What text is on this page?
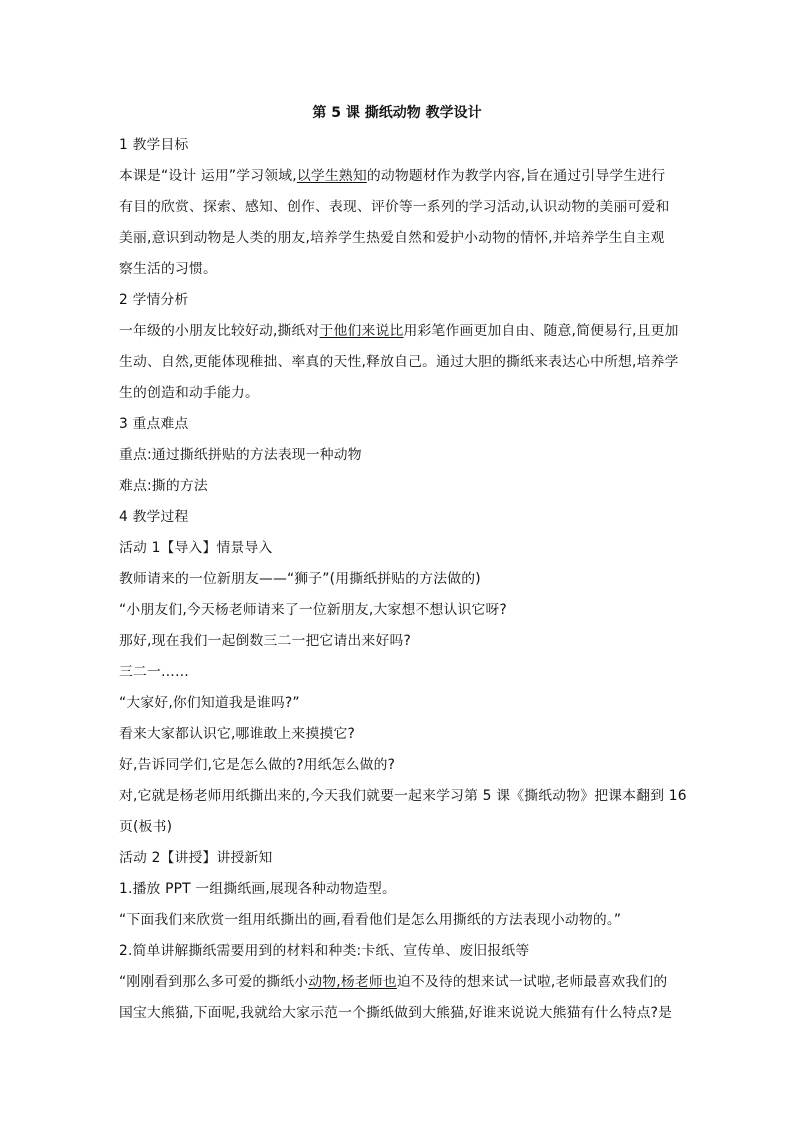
第 5 课 撕纸动物 教学设计

1 教学目标

本课是“设计 运用”学习领域,以学生熟知的动物题材作为教学内容,旨在通过引导学生进行

有目的欣赏、探索、感知、创作、表现、评价等一系列的学习活动,认识动物的美丽可爱和

美丽,意识到动物是人类的朋友,培养学生热爱自然和爱护小动物的情怀,并培养学生自主观

察生活的习惯。

2 学情分析

一年级的小朋友比较好动,撕纸对于他们来说比用彩笔作画更加自由、随意,简便易行,且更加

生动、自然,更能体现稚拙、率真的天性,释放自己。通过大胆的撕纸来表达心中所想,培养学

生的创造和动手能力。

3 重点难点

重点:通过撕纸拼贴的方法表现一种动物

难点:撕的方法

4 教学过程

活动 1【导入】情景导入

教师请来的一位新朋友——“狮子”(用撕纸拼贴的方法做的)

“小朋友们,今天杨老师请来了一位新朋友,大家想不想认识它呀?

那好,现在我们一起倒数三二一把它请出来好吗?

三二一……

“大家好,你们知道我是谁吗?”

看来大家都认识它,哪谁敢上来摸摸它?

好,告诉同学们,它是怎么做的?用纸怎么做的?

对,它就是杨老师用纸撕出来的,今天我们就要一起来学习第 5 课《撕纸动物》把课本翻到 16

页(板书)

活动 2【讲授】讲授新知

1.播放 PPT 一组撕纸画,展现各种动物造型。

“下面我们来欣赏一组用纸撕出的画,看看他们是怎么用撕纸的方法表现小动物的。”

2.简单讲解撕纸需要用到的材料和种类:卡纸、宣传单、废旧报纸等

“刚刚看到那么多可爱的撕纸小动物,杨老师也迫不及待的想来试一试啦,老师最喜欢我们的

国宝大熊猫,下面呢,我就给大家示范一个撕纸做到大熊猫,好谁来说说大熊猫有什么特点?是
